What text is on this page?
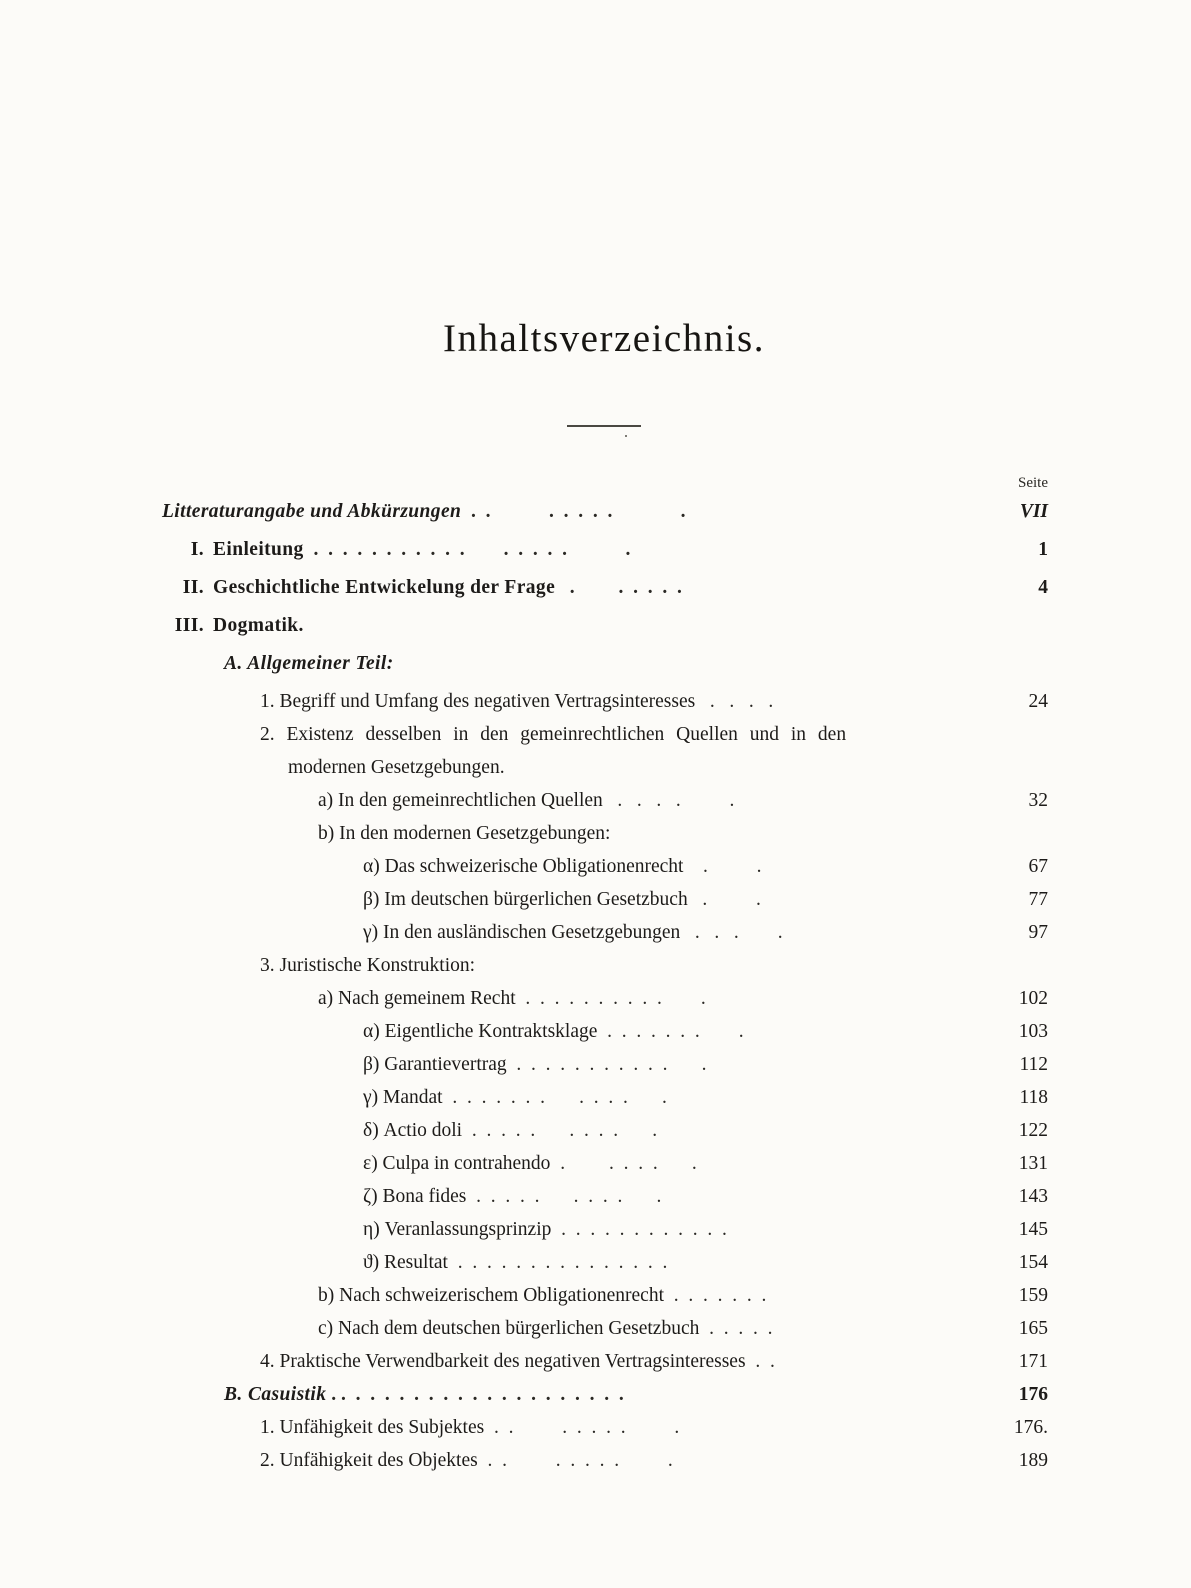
Inhaltsverzeichnis.
Seite
Litteraturangabe und Abkürzungen .  .            .  .  .  .  .              .	VII
I. Einleitung .  .  .  .  .  .  .  .  .  .  .        .  .  .  .  .            .	1
II. Geschichtliche Entwickelung der Frage .         .  .  .  .  .	4
III. Dogmatik.
A. Allgemeiner Teil:
1. Begriff und Umfang des negativen Vertragsinteresses .   .   .   .	24
2. Existenz desselben in den gemeinrechtlichen Quellen und in den
modernen Gesetzgebungen.
a) In den gemeinrechtlichen Quellen .   .   .   .          .	32
b) In den modernen Gesetzgebungen:
α) Das schweizerische Obligationenrecht .          .	67
β) Im deutschen bürgerlichen Gesetzbuch .          .	77
γ) In den ausländischen Gesetzgebungen .   .   .        .	97
3. Juristische Konstruktion:
a) Nach gemeinem Recht .  .  .  .  .  .  .  .  .  .        .	102
α) Eigentliche Kontraktsklage .  .  .  .  .  .  .        .	103
β) Garantievertrag .  .  .  .  .  .  .  .  .  .  .       .	112
γ) Mandat .  .  .  .  .  .  .       .  .  .  .       .	118
δ) Actio doli .  .  .  .  .       .  .  .  .       .	122
ε) Culpa in contrahendo .         .  .  .  .       .	131
ζ) Bona fides .  .  .  .  .       .  .  .  .       .	143
η) Veranlassungsprinzip .  .  .  .  .  .  .  .  .  .  .  .	145
ϑ) Resultat .  .  .  .  .  .  .  .  .  .  .  .  .  .  .	154
b) Nach schweizerischem Obligationenrecht .  .  .  .  .  .  .	159
c) Nach dem deutschen bürgerlichen Gesetzbuch .  .  .  .  .	165
4. Praktische Verwendbarkeit des negativen Vertragsinteresses .  .	171
B. Casuistik . .  .  .  .  .  .  .  .  .  .  .  .  .  .  .  .  .  .  .  .	176
1. Unfähigkeit des Subjektes .  .          .  .  .  .  .          .	176.
2. Unfähigkeit des Objektes .  .          .  .  .  .  .          .	189
